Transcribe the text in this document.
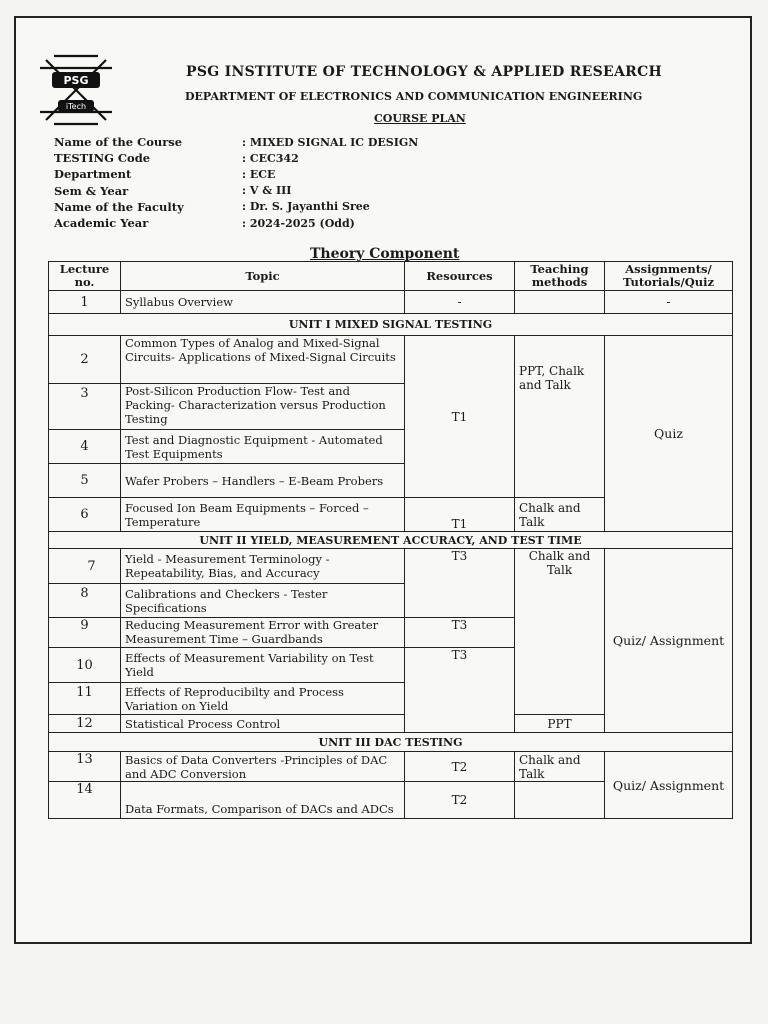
PSG
iTech
PSG INSTITUTE OF TECHNOLOGY & APPLIED RESEARCH
DEPARTMENT OF ELECTRONICS AND COMMUNICATION ENGINEERING
COURSE PLAN
Name of the Course	: MIXED SIGNAL IC DESIGN
TESTING Code	: CEC342
Department	: ECE
Sem & Year	: V & III
Name of the Faculty	: Dr. S. Jayanthi Sree
Academic Year	: 2024-2025 (Odd)
Theory Component
Lecture no.	Topic	Resources	Teaching methods	Assignments/ Tutorials/Quiz
1	Syllabus Overview	-		-
UNIT I MIXED SIGNAL TESTING				
2	Common Types of Analog and Mixed-Signal Circuits- Applications of Mixed-Signal Circuits	T1	PPT, Chalk and Talk	Quiz
3	Post-Silicon Production Flow- Test and Packing- Characterization versus Production Testing			
4	Test and Diagnostic Equipment - Automated Test Equipments			
5	Wafer Probers – Handlers – E-Beam Probers			
6	Focused Ion Beam Equipments – Forced –Temperature	T1	Chalk and Talk	
UNIT II YIELD, MEASUREMENT ACCURACY, AND TEST TIME				
7	Yield - Measurement Terminology - Repeatability, Bias, and Accuracy	T3	Chalk and Talk	Quiz/ Assignment
8	Calibrations and Checkers - Tester Specifications			
9	Reducing Measurement Error with Greater Measurement Time – Guardbands	T3		
10	Effects of Measurement Variability on Test Yield	T3		
11	Effects of Reproducibilty and Process Variation on Yield			
12	Statistical Process Control		PPT	
UNIT III DAC TESTING				
13	Basics of Data Converters -Principles of DAC and ADC Conversion	T2	Chalk and Talk	Quiz/ Assignment
14	Data Formats, Comparison of DACs and ADCs	T2		
